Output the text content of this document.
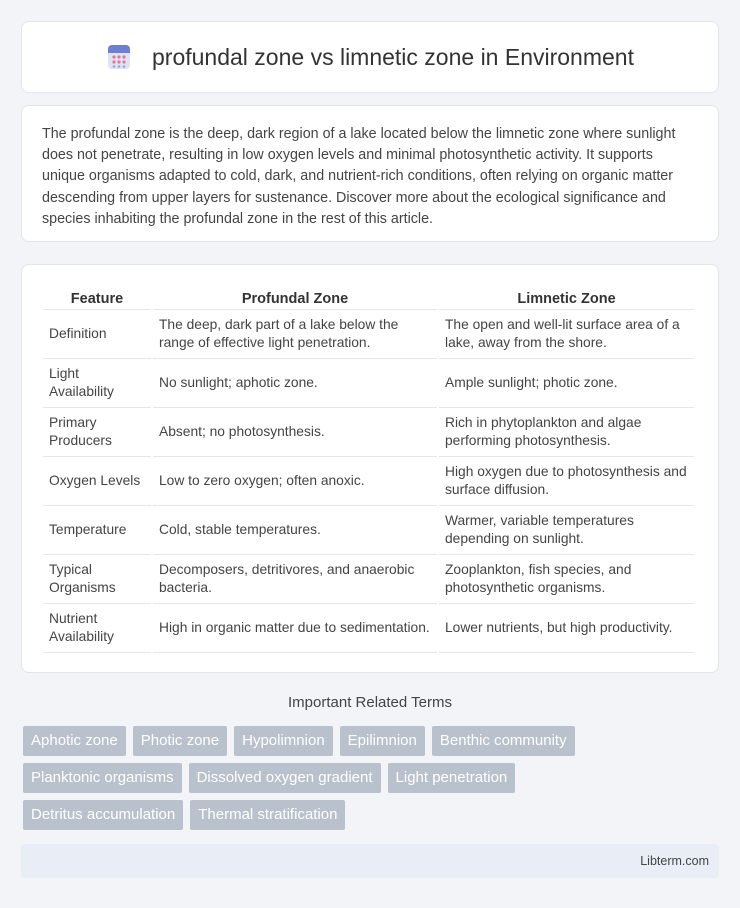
profundal zone vs limnetic zone in Environment

The profundal zone is the deep, dark region of a lake located below the limnetic zone where sunlight does not penetrate, resulting in low oxygen levels and minimal photosynthetic activity. It supports unique organisms adapted to cold, dark, and nutrient-rich conditions, often relying on organic matter descending from upper layers for sustenance. Discover more about the ecological significance and species inhabiting the profundal zone in the rest of this article.

Feature	Profundal Zone	Limnetic Zone
Definition	The deep, dark part of a lake below the range of effective light penetration.	The open and well-lit surface area of a lake, away from the shore.
Light Availability	No sunlight; aphotic zone.	Ample sunlight; photic zone.
Primary Producers	Absent; no photosynthesis.	Rich in phytoplankton and algae performing photosynthesis.
Oxygen Levels	Low to zero oxygen; often anoxic.	High oxygen due to photosynthesis and surface diffusion.
Temperature	Cold, stable temperatures.	Warmer, variable temperatures depending on sunlight.
Typical Organisms	Decomposers, detritivores, and anaerobic bacteria.	Zooplankton, fish species, and photosynthetic organisms.
Nutrient Availability	High in organic matter due to sedimentation.	Lower nutrients, but high productivity.
Important Related Terms
Aphotic zone	Photic zone	Hypolimnion	Epilimnion	Benthic community
Planktonic organisms	Dissolved oxygen gradient	Light penetration
Detritus accumulation	Thermal stratification
Libterm.com
